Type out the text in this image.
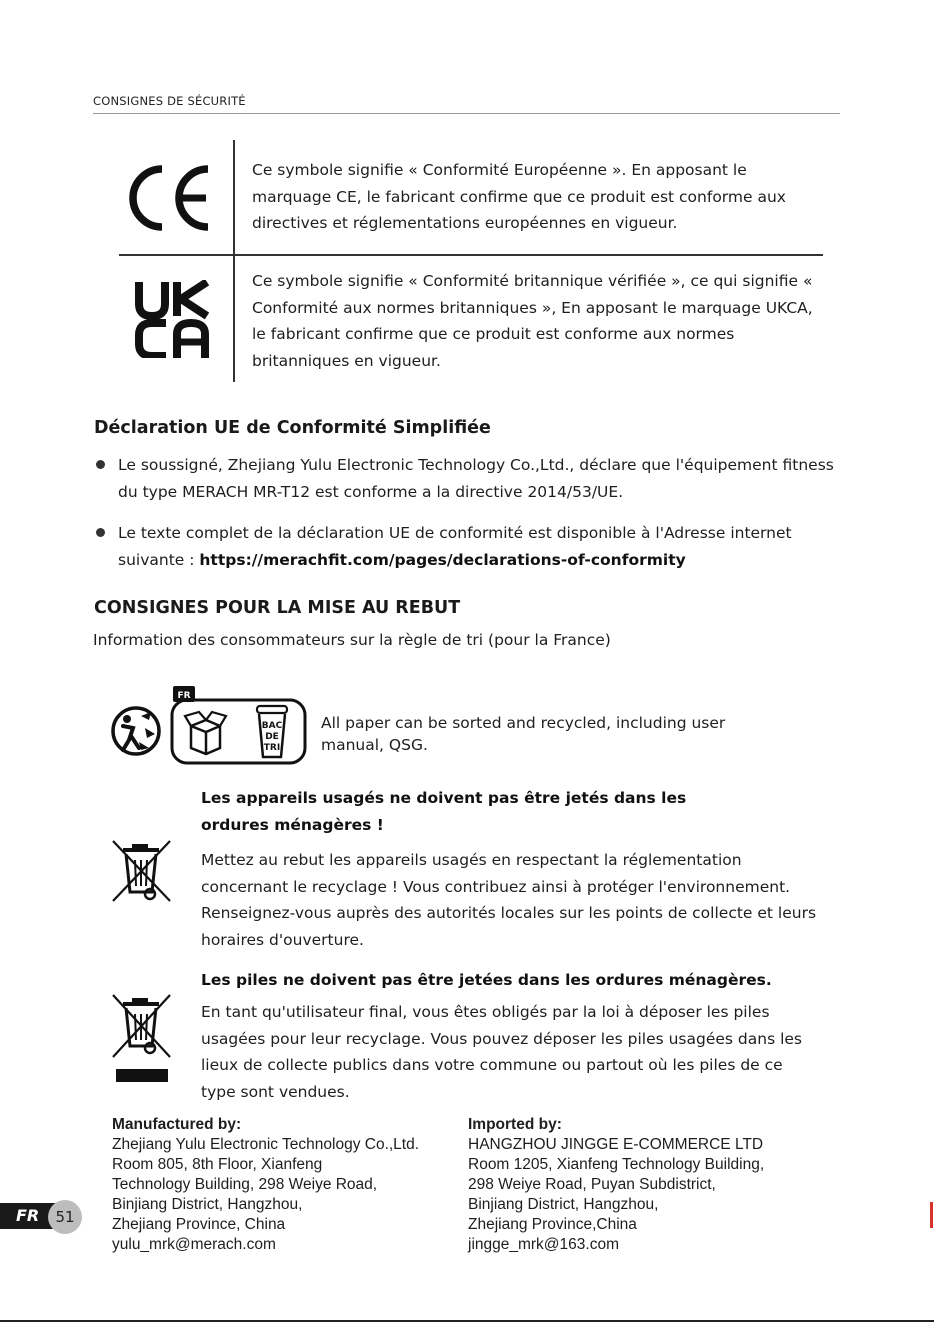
CONSIGNES DE SÉCURITÉ
Ce symbole signifie « Conformité Européenne ». En apposant le marquage CE, le fabricant confirme que ce produit est conforme aux directives et réglementations européennes en vigueur.
Ce symbole signifie « Conformité britannique vérifiée », ce qui signifie « Conformité aux normes britanniques », En apposant le marquage UKCA, le fabricant confirme que ce produit est conforme aux normes britanniques en vigueur.
Déclaration UE de Conformité Simplifiée
Le soussigné, Zhejiang Yulu Electronic Technology Co.,Ltd., déclare que l'équipement fitness du type MERACH MR-T12 est conforme a la directive 2014/53/UE.
Le texte complet de la déclaration UE de conformité est disponible à l'Adresse internet suivante : https://merachfit.com/pages/declarations-of-conformity
CONSIGNES POUR LA MISE AU REBUT
Information des consommateurs sur la règle de tri (pour la France)
FR
BAC
DE
TRI
All paper can be sorted and recycled, including user manual, QSG.
Les appareils usagés ne doivent pas être jetés dans les ordures ménagères !
Mettez au rebut les appareils usagés en respectant la réglementation concernant le recyclage ! Vous contribuez ainsi à protéger l'environnement. Renseignez-vous auprès des autorités locales sur les points de collecte et leurs horaires d'ouverture.
Les piles ne doivent pas être jetées dans les ordures ménagères.
En tant qu'utilisateur final, vous êtes obligés par la loi à déposer les piles usagées pour leur recyclage. Vous pouvez déposer les piles usagées dans les lieux de collecte publics dans votre commune ou partout où les piles de ce type sont vendues.
Manufactured by:
Zhejiang Yulu Electronic Technology Co.,Ltd.
Room 805, 8th Floor, Xianfeng
Technology Building, 298 Weiye Road,
Binjiang District, Hangzhou,
Zhejiang Province, China
yulu_mrk@merach.com
Imported by:
HANGZHOU JINGGE E-COMMERCE LTD
Room 1205, Xianfeng Technology Building,
298 Weiye Road, Puyan Subdistrict,
Binjiang District, Hangzhou,
Zhejiang Province,China
jingge_mrk@163.com
FR	51
